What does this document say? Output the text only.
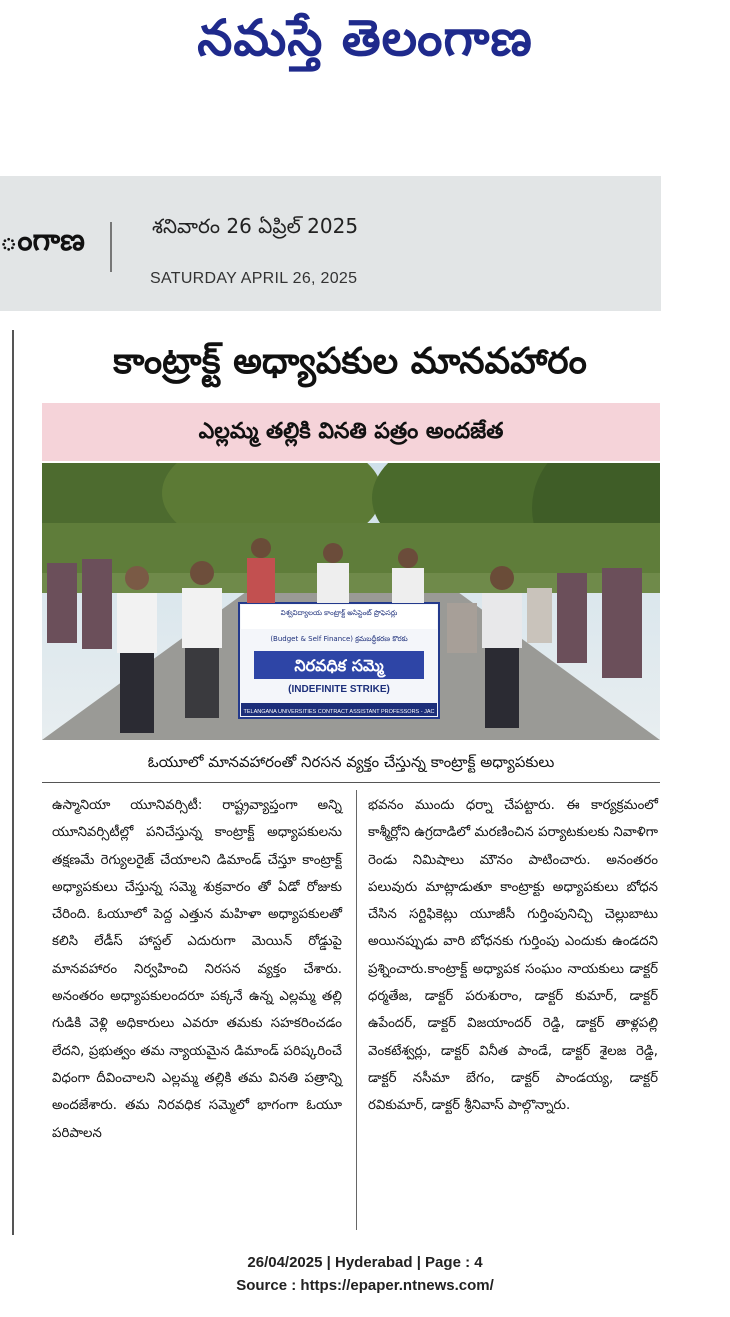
నమస్తే తెలంగాణ
ంగాణ	శనివారం 26 ఏప్రిల్ 2025
SATURDAY APRIL 26, 2025
కాంట్రాక్ట్ అధ్యాపకుల మానవహారం
ఎల్లమ్మ తల్లికి వినతి పత్రం అందజేత
విశ్వవిద్యాలయ కాంట్రాక్ట్ అసిస్టెంట్ ప్రొఫెసర్లు
(Budget & Self Finance) క్రమబద్ధీకరణ కొరకు
నిరవధిక సమ్మె
(INDEFINITE STRIKE)
TELANGANA UNIVERSITIES CONTRACT ASSISTANT PROFESSORS - JAC
ఓయూలో మానవహారంతో నిరసన వ్యక్తం చేస్తున్న కాంట్రాక్ట్ అధ్యాపకులు
ఉస్మానియా యూనివర్సిటీ: రాష్ట్రవ్యాప్తంగా అన్ని యూనివర్సిటీల్లో పనిచేస్తున్న కాంట్రాక్ట్ అధ్యాపకులను తక్షణమే రెగ్యులరైజ్ చేయాలని డిమాండ్ చేస్తూ కాంట్రాక్ట్ అధ్యాపకులు చేస్తున్న సమ్మె శుక్రవారం తో ఏడో రోజుకు చేరింది. ఓయూలో పెద్ద ఎత్తున మహిళా అధ్యాపకులతో కలిసి లేడీస్ హాస్టల్ ఎదురుగా మెయిన్ రోడ్డుపై మానవహారం నిర్వహించి నిరసన వ్యక్తం చేశారు. అనంతరం అధ్యాపకులందరూ పక్కనే ఉన్న ఎల్లమ్మ తల్లి గుడికి వెళ్లి అధికారులు ఎవరూ తమకు సహకరించడం లేదని, ప్రభుత్వం తమ న్యాయమైన డిమాండ్ పరిష్కరించే విధంగా దీవించాలని ఎల్లమ్మ తల్లికి తమ వినతి పత్రాన్ని అందజేశారు. తమ నిరవధిక సమ్మెలో భాగంగా ఓయూ పరిపాలన
భవనం ముందు ధర్నా చేపట్టారు. ఈ కార్యక్రమంలో కాశ్మీర్లోని ఉగ్రదాడిలో మరణించిన పర్యాటకులకు నివాళిగా రెండు నిమిషాలు మౌనం పాటించారు. అనంతరం పలువురు మాట్లాడుతూ కాంట్రాక్టు అధ్యాపకులు బోధన చేసిన సర్టిఫికెట్లు యూజీసీ గుర్తింపునిచ్చి చెల్లుబాటు అయినప్పుడు వారి బోధనకు గుర్తింపు ఎందుకు ఉండదని ప్రశ్నించారు.కాంట్రాక్ట్ అధ్యాపక సంఘం నాయకులు డాక్టర్ ధర్మతేజ, డాక్టర్ పరుశురాం, డాక్టర్ కుమార్, డాక్టర్ ఉపేందర్, డాక్టర్ విజయాందర్ రెడ్డి, డాక్టర్ తాళ్లపల్లి వెంకటేశ్వర్లు, డాక్టర్ వినీత పాండే, డాక్టర్ శైలజ రెడ్డి, డాక్టర్ నసీమా బేగం, డాక్టర్ పాండయ్య, డాక్టర్ రవికుమార్, డాక్టర్ శ్రీనివాస్ పాల్గొన్నారు.
26/04/2025 | Hyderabad | Page : 4
Source : https://epaper.ntnews.com/
